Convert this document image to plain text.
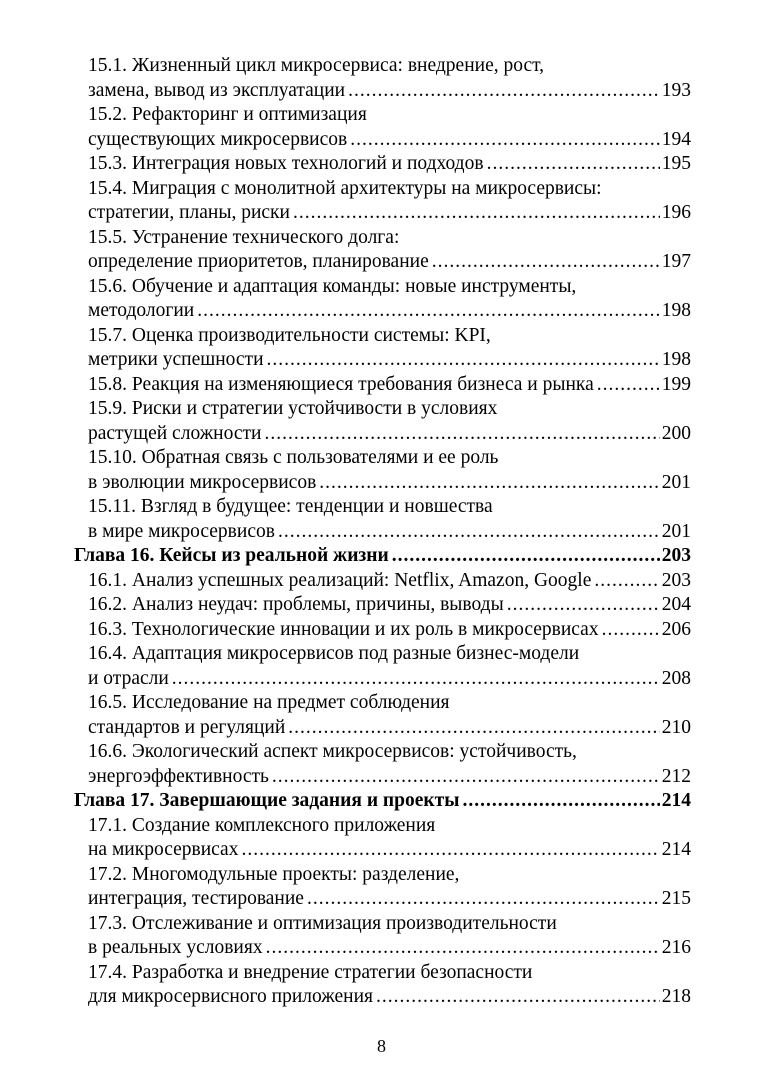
15.1. Жизненный цикл микросервиса: внедрение, рост,
замена, вывод из эксплуатации .....	193
15.2. Рефакторинг и оптимизация
существующих микросервисов .....	194
15.3. Интеграция новых технологий и подходов .....	195
15.4. Миграция с монолитной архитектуры на микросервисы:
стратегии, планы, риски .....	196
15.5. Устранение технического долга:
определение приоритетов, планирование .....	197
15.6. Обучение и адаптация команды: новые инструменты,
методологии .....	198
15.7. Оценка производительности системы: KPI,
метрики успешности .....	198
15.8. Реакция на изменяющиеся требования бизнеса и рынка .....	199
15.9. Риски и стратегии устойчивости в условиях
растущей сложности .....	200
15.10. Обратная связь с пользователями и ее роль
в эволюции микросервисов .....	201
15.11. Взгляд в будущее: тенденции и новшества
в мире микросервисов .....	201
Глава 16. Кейсы из реальной жизни .....	203
16.1. Анализ успешных реализаций: Netflix, Amazon, Google .....	203
16.2. Анализ неудач: проблемы, причины, выводы .....	204
16.3. Технологические инновации и их роль в микросервисах .....	206
16.4. Адаптация микросервисов под разные бизнес-модели
и отрасли .....	208
16.5. Исследование на предмет соблюдения
стандартов и регуляций .....	210
16.6. Экологический аспект микросервисов: устойчивость,
энергоэффективность .....	212
Глава 17. Завершающие задания и проекты .....	214
17.1. Создание комплексного приложения
на микросервисах .....	214
17.2. Многомодульные проекты: разделение,
интеграция, тестирование .....	215
17.3. Отслеживание и оптимизация производительности
в реальных условиях .....	216
17.4. Разработка и внедрение стратегии безопасности
для микросервисного приложения .....	218
8
